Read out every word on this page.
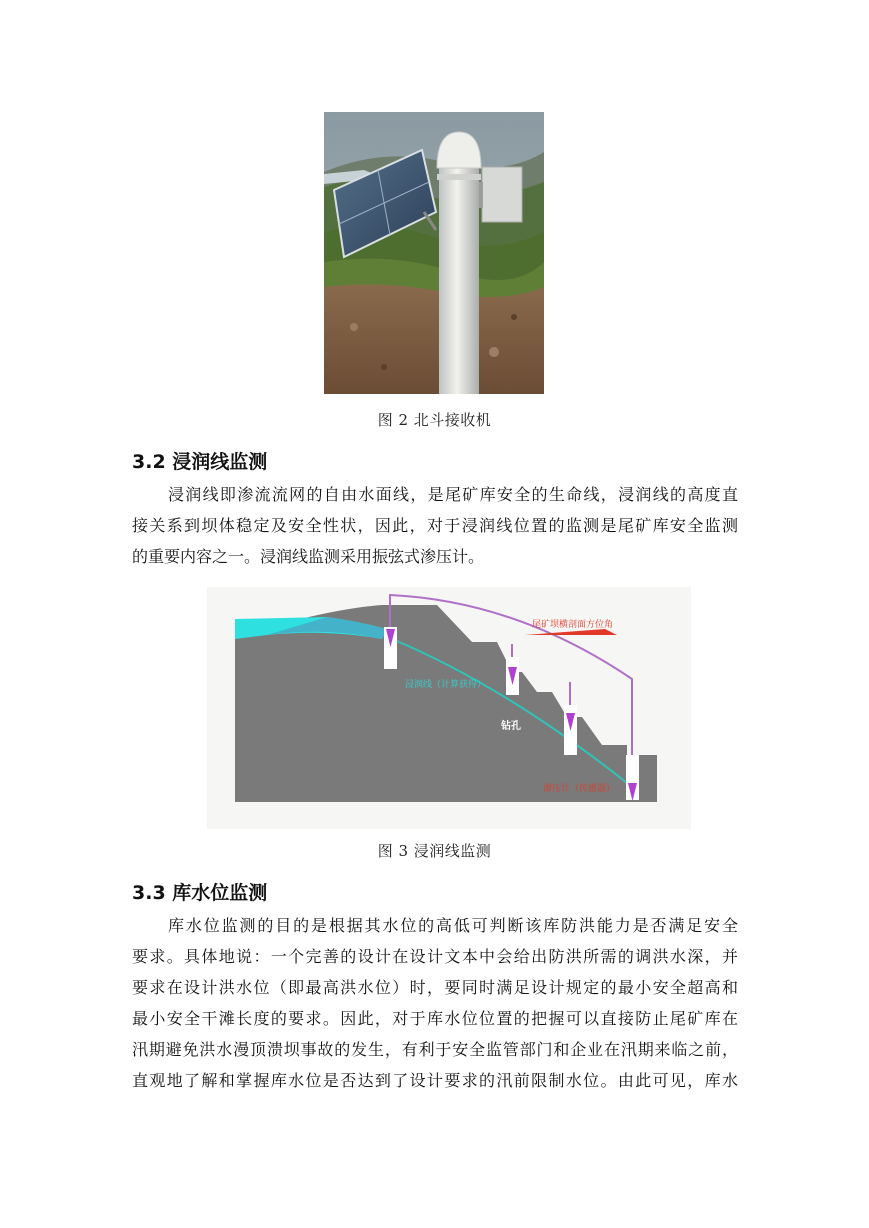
图 2 北斗接收机
3.2 浸润线监测
浸润线即渗流流网的自由水面线，是尾矿库安全的生命线，浸润线的高度直
接关系到坝体稳定及安全性状，因此，对于浸润线位置的监测是尾矿库安全监测
的重要内容之一。浸润线监测采用振弦式渗压计。
尾矿坝横剖面方位角
浸润线（计算获得）
钻孔
渗压计（传感器）
图 3 浸润线监测
3.3 库水位监测
库水位监测的目的是根据其水位的高低可判断该库防洪能力是否满足安全
要求。具体地说：一个完善的设计在设计文本中会给出防洪所需的调洪水深，并
要求在设计洪水位（即最高洪水位）时，要同时满足设计规定的最小安全超高和
最小安全干滩长度的要求。因此，对于库水位位置的把握可以直接防止尾矿库在
汛期避免洪水漫顶溃坝事故的发生，有利于安全监管部门和企业在汛期来临之前，
直观地了解和掌握库水位是否达到了设计要求的汛前限制水位。由此可见，库水
